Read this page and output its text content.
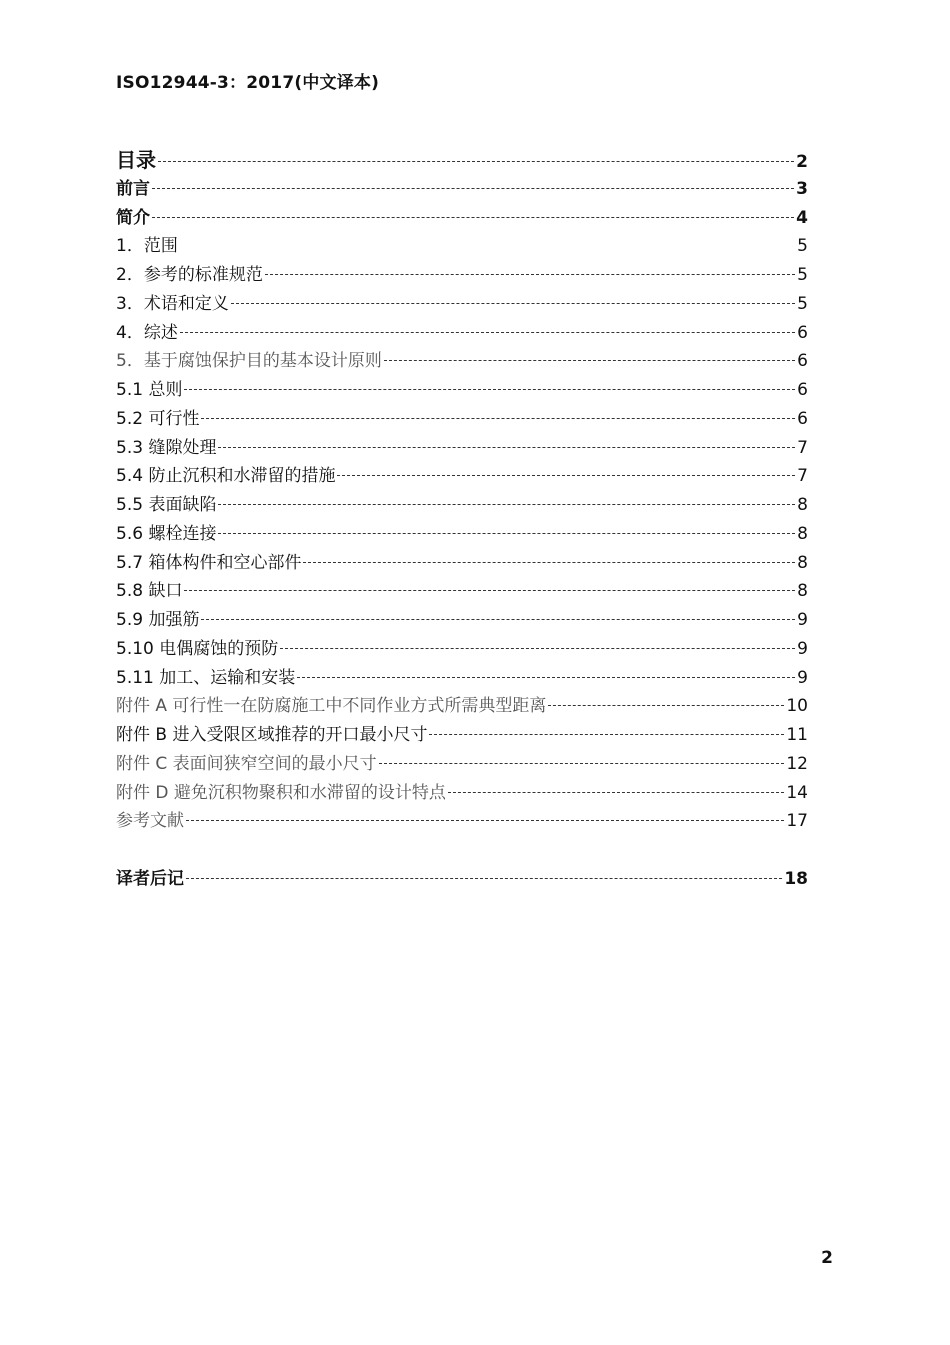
ISO12944-3：2017(中文译本)
目录	2
前言	3
简介	4
1．范围	5
2．参考的标准规范	5
3．术语和定义	5
4．综述	6
5．基于腐蚀保护目的基本设计原则	6
5.1 总则	6
5.2 可行性	6
5.3 缝隙处理	7
5.4 防止沉积和水滞留的措施	7
5.5 表面缺陷	8
5.6 螺栓连接	8
5.7 箱体构件和空心部件	8
5.8 缺口	8
5.9 加强筋	9
5.10 电偶腐蚀的预防	9
5.11 加工、运输和安装	9
附件 A 可行性一在防腐施工中不同作业方式所需典型距离	10
附件 B 进入受限区域推荐的开口最小尺寸	11
附件 C 表面间狭窄空间的最小尺寸	12
附件 D 避免沉积物聚积和水滞留的设计特点	14
参考文献	17
译者后记	18
2
